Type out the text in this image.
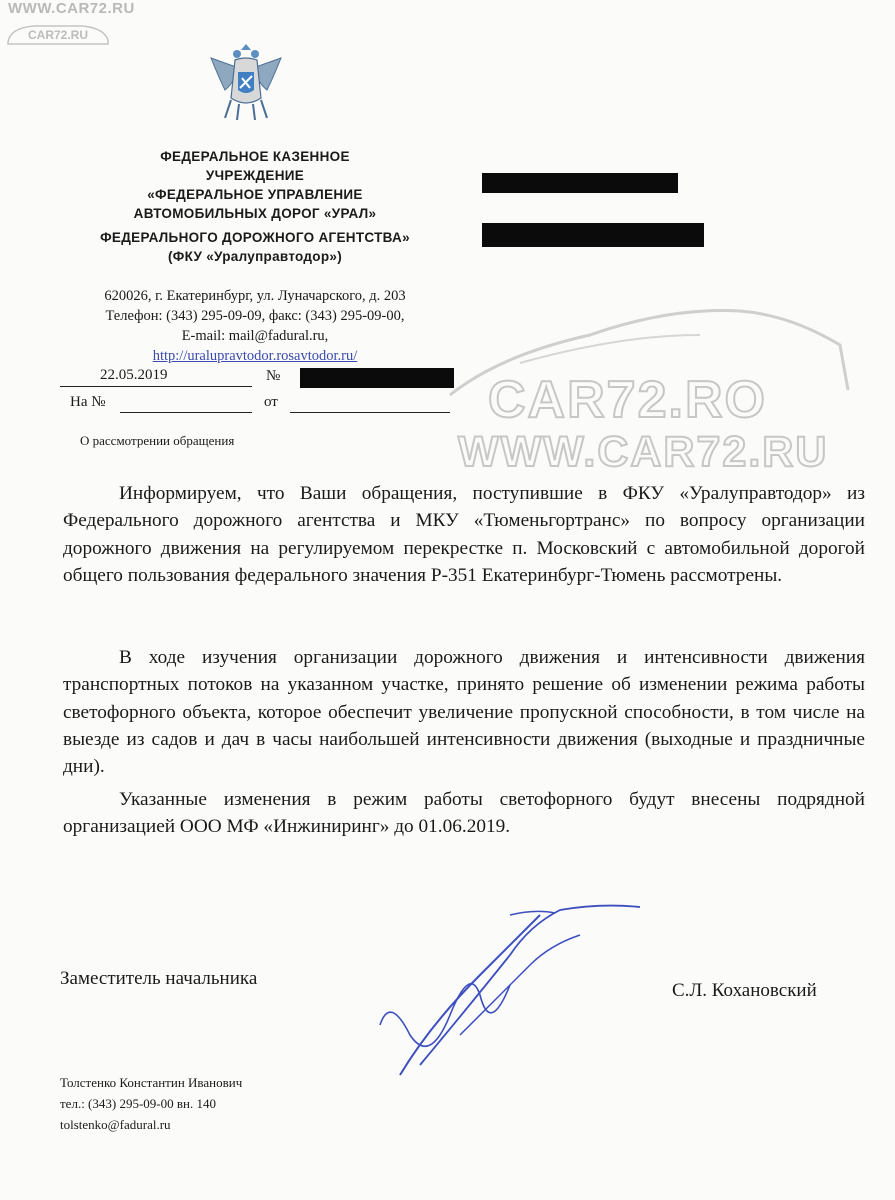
WWW.CAR72.RU
CAR72.RU
ФЕДЕРАЛЬНОЕ КАЗЕННОЕ
УЧРЕЖДЕНИЕ
«ФЕДЕРАЛЬНОЕ УПРАВЛЕНИЕ
АВТОМОБИЛЬНЫХ ДОРОГ «УРАЛ»
ФЕДЕРАЛЬНОГО ДОРОЖНОГО АГЕНТСТВА»
(ФКУ «Уралуправтодор»)
620026, г. Екатеринбург, ул. Луначарского, д. 203
Телефон: (343) 295-09-09, факс: (343) 295-09-00,
E-mail: mail@fadural.ru,
http://uralupravtodor.rosavtodor.ru/
22.05.2019	№
На №	от
О рассмотрении обращения
CAR72.RO
WWW.CAR72.RU
Информируем, что Ваши обращения, поступившие в ФКУ «Уралуправтодор» из Федерального дорожного агентства и МКУ «Тюменьгортранс» по вопросу организации дорожного движения на регулируемом перекрестке п. Московский с автомобильной дорогой общего пользования федерального значения Р-351 Екатеринбург-Тюмень рассмотрены.
В ходе изучения организации дорожного движения и интенсивности движения транспортных потоков на указанном участке, принято решение об изменении режима работы светофорного объекта, которое обеспечит увеличение пропускной способности, в том числе на выезде из садов и дач в часы наибольшей интенсивности движения (выходные и праздничные дни).
Указанные изменения в режим работы светофорного будут внесены подрядной организацией ООО МФ «Инжиниринг» до 01.06.2019.
Заместитель начальника
С.Л. Кохановский
Толстенко Константин Иванович
тел.: (343) 295-09-00 вн. 140
tolstenko@fadural.ru
